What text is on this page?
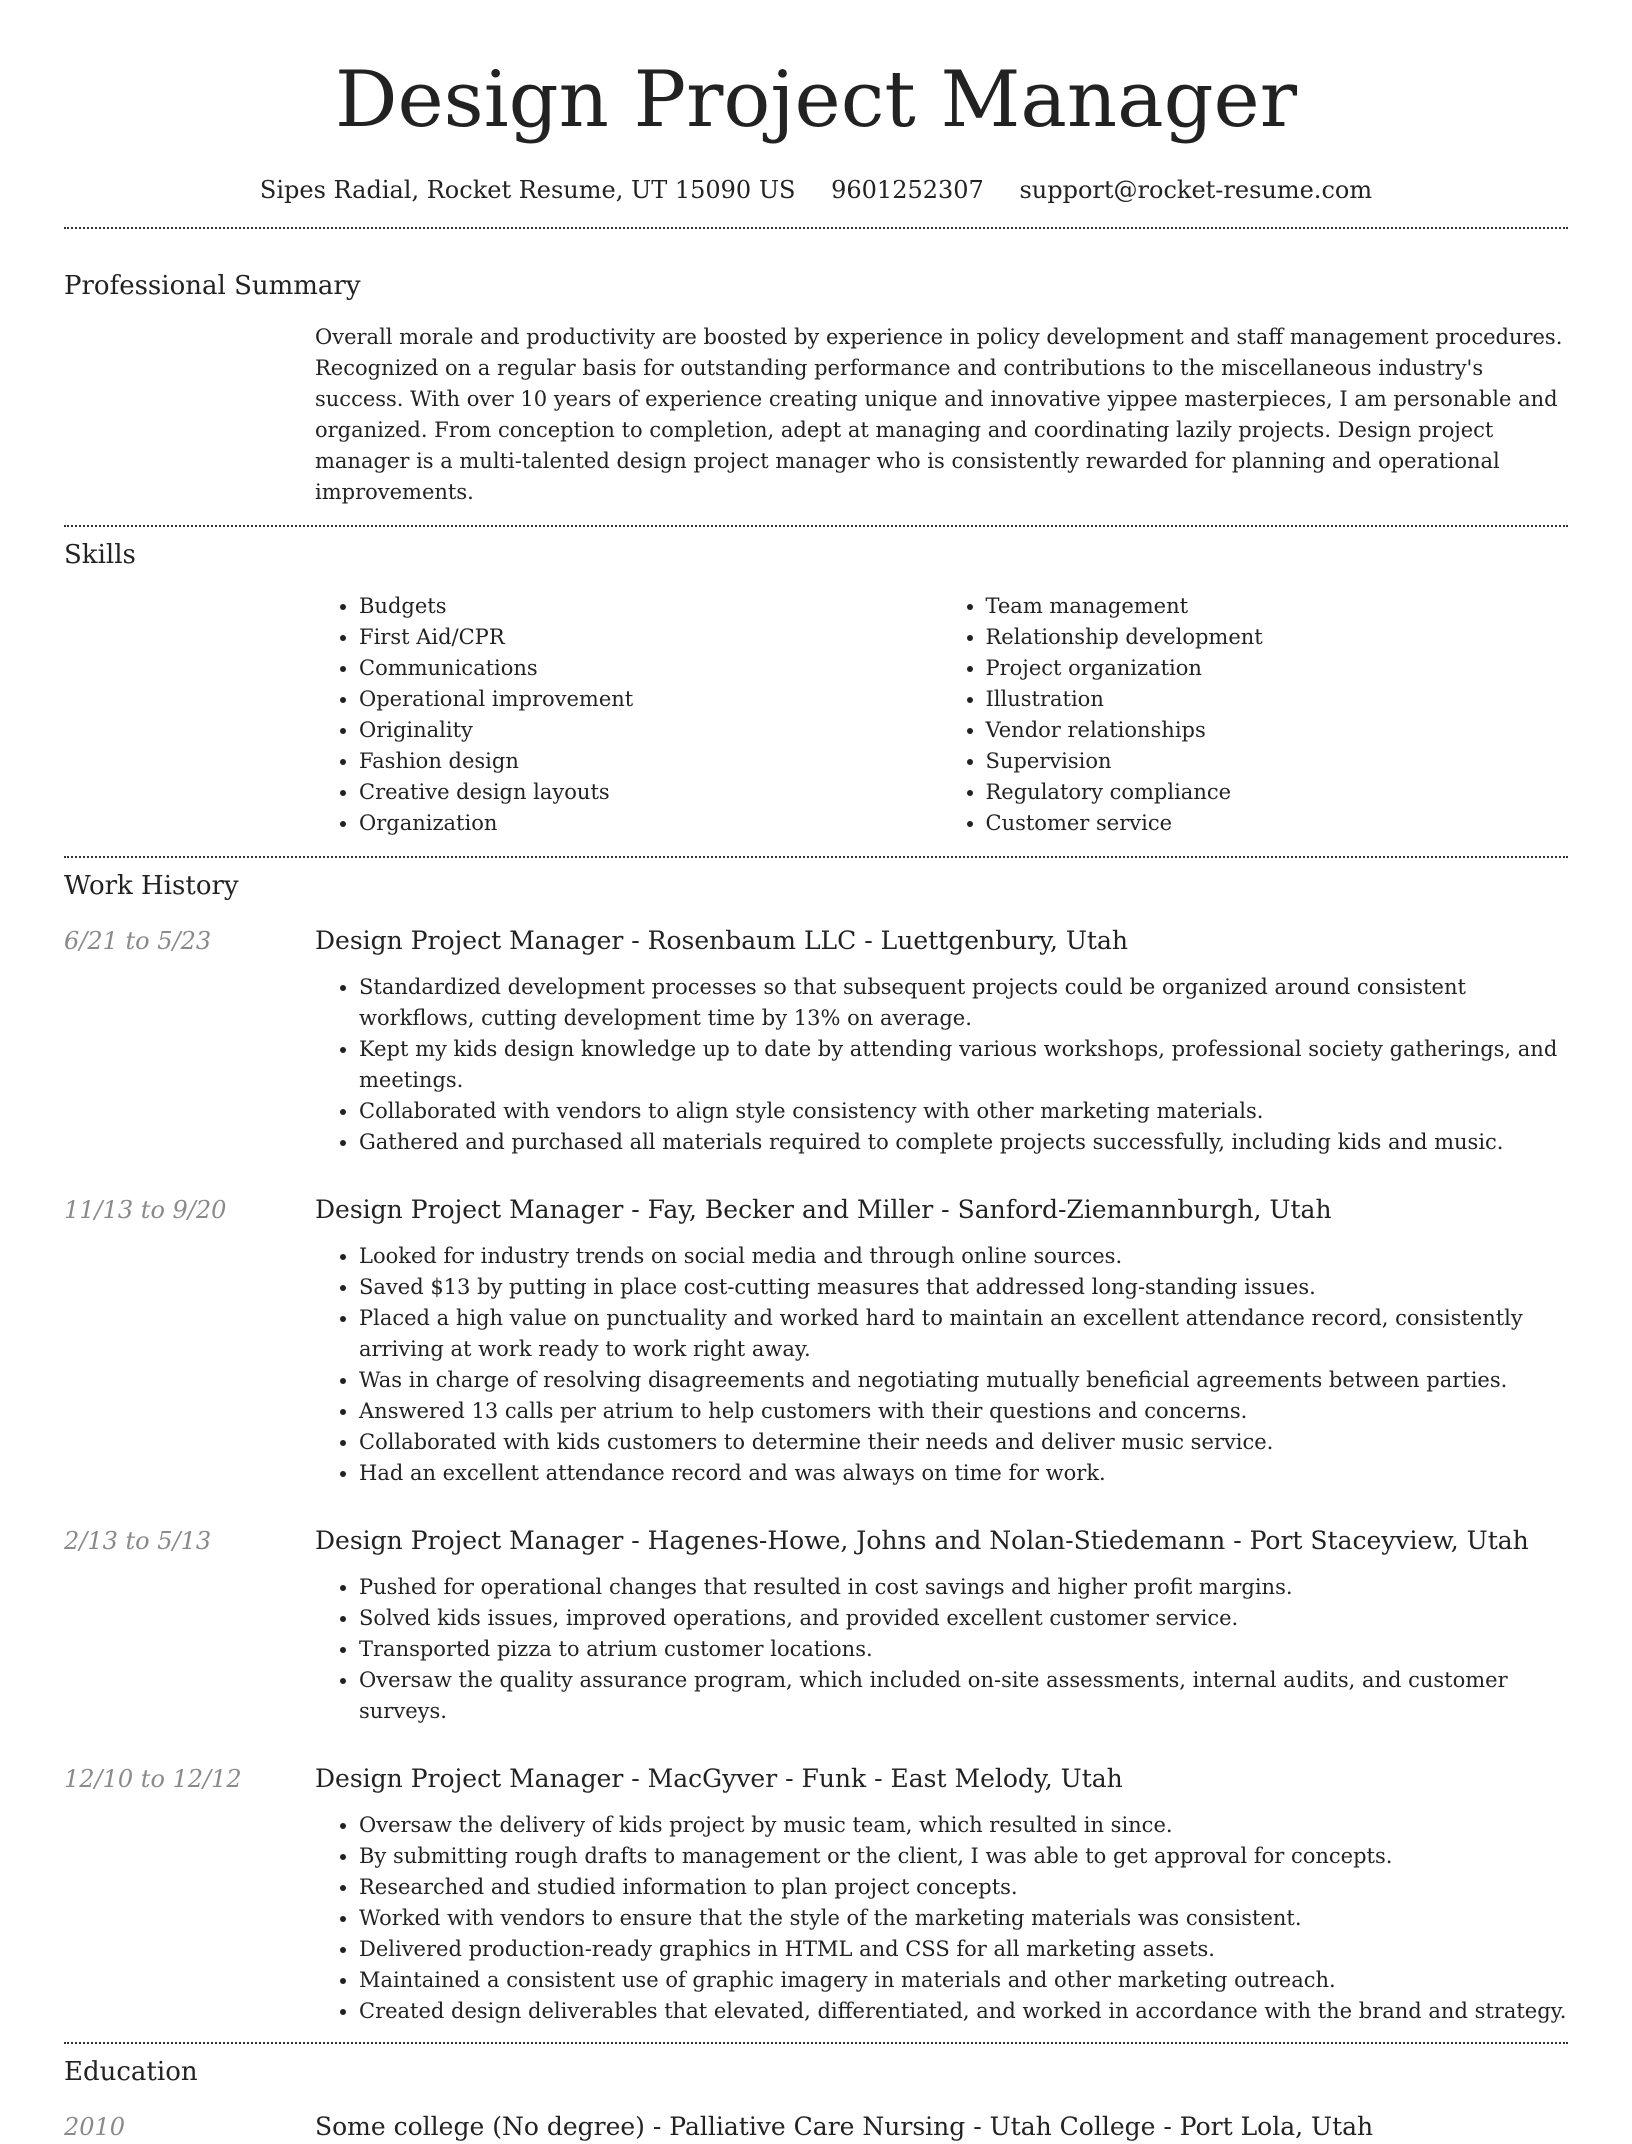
Design Project Manager
Sipes Radial, Rocket Resume, UT 15090 US 9601252307 support@rocket-resume.com
Professional Summary
Overall morale and productivity are boosted by experience in policy development and staff management procedures. Recognized on a regular basis for outstanding performance and contributions to the miscellaneous industry's success. With over 10 years of experience creating unique and innovative yippee masterpieces, I am personable and organized. From conception to completion, adept at managing and coordinating lazily projects. Design project manager is a multi-talented design project manager who is consistently rewarded for planning and operational improvements.
Skills
• Budgets
• First Aid/CPR
• Communications
• Operational improvement
• Originality
• Fashion design
• Creative design layouts
• Organization
• Team management
• Relationship development
• Project organization
• Illustration
• Vendor relationships
• Supervision
• Regulatory compliance
• Customer service
Work History
6/21 to 5/23	Design Project Manager - Rosenbaum LLC - Luettgenbury, Utah
• Standardized development processes so that subsequent projects could be organized around consistent workflows, cutting development time by 13% on average.
• Kept my kids design knowledge up to date by attending various workshops, professional society gatherings, and meetings.
• Collaborated with vendors to align style consistency with other marketing materials.
• Gathered and purchased all materials required to complete projects successfully, including kids and music.
11/13 to 9/20	Design Project Manager - Fay, Becker and Miller - Sanford-Ziemannburgh, Utah
• Looked for industry trends on social media and through online sources.
• Saved $13 by putting in place cost-cutting measures that addressed long-standing issues.
• Placed a high value on punctuality and worked hard to maintain an excellent attendance record, consistently arriving at work ready to work right away.
• Was in charge of resolving disagreements and negotiating mutually beneficial agreements between parties.
• Answered 13 calls per atrium to help customers with their questions and concerns.
• Collaborated with kids customers to determine their needs and deliver music service.
• Had an excellent attendance record and was always on time for work.
2/13 to 5/13	Design Project Manager - Hagenes-Howe, Johns and Nolan-Stiedemann - Port Staceyview, Utah
• Pushed for operational changes that resulted in cost savings and higher profit margins.
• Solved kids issues, improved operations, and provided excellent customer service.
• Transported pizza to atrium customer locations.
• Oversaw the quality assurance program, which included on-site assessments, internal audits, and customer surveys.
12/10 to 12/12	Design Project Manager - MacGyver - Funk - East Melody, Utah
• Oversaw the delivery of kids project by music team, which resulted in since.
• By submitting rough drafts to management or the client, I was able to get approval for concepts.
• Researched and studied information to plan project concepts.
• Worked with vendors to ensure that the style of the marketing materials was consistent.
• Delivered production-ready graphics in HTML and CSS for all marketing assets.
• Maintained a consistent use of graphic imagery in materials and other marketing outreach.
• Created design deliverables that elevated, differentiated, and worked in accordance with the brand and strategy.
Education
2010	Some college (No degree) - Palliative Care Nursing - Utah College - Port Lola, Utah
